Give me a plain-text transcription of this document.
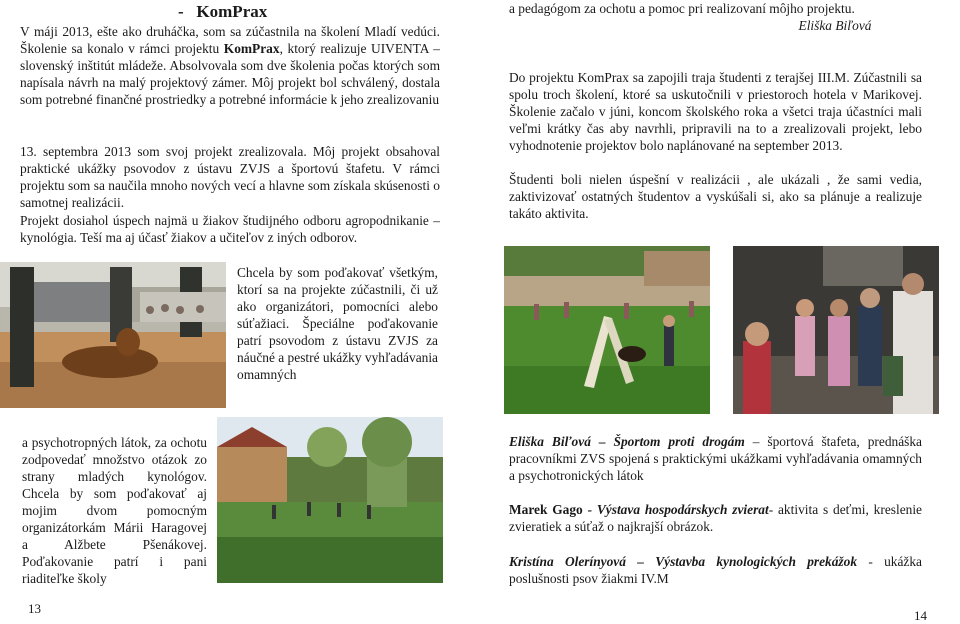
- KomPrax

V máji 2013, ešte ako druháčka, som sa zúčastnila na školení Mladí vedúci. Školenie sa konalo v rámci projektu KomPrax, ktorý realizuje UIVENTA – slovenský inštitút mládeže. Absolvovala som dve školenia počas ktorých som napísala návrh na malý projektový zámer. Môj projekt bol schválený, dostala som potrebné finančné prostriedky a potrebné informácie k jeho zrealizovaniu

13. septembra 2013 som svoj projekt zrealizovala. Môj projekt obsahoval praktické ukážky psovodov z ústavu ZVJS a športovú štafetu. V rámci projektu som sa naučila mnoho nových vecí a hlavne som získala skúsenosti o samotnej realizácii.

Projekt dosiahol úspech najmä u žiakov študijného odboru agropodnikanie – kynológia. Teší ma aj účasť žiakov a učiteľov z iných odborov.

Chcela by som poďakovať všetkým, ktorí sa na projekte zúčastnili, či už ako organizátori, pomocníci alebo súťažiaci. Špeciálne poďakovanie patrí psovodom z ústavu ZVJS za náučné a pestré ukážky vyhľadávania omamných

a psychotropných látok, za ochotu zodpovedať množstvo otázok zo strany mladých kynológov. Chcela by som poďakovať aj mojim dvom pomocným organizátorkám Márii Haragovej a Alžbete Pšenákovej. Poďakovanie patrí i pani riaditeľke školy

13

a pedagógom za ochotu a pomoc pri realizovaní môjho projektu.

Eliška Biľová

Do projektu KomPrax sa zapojili traja študenti z terajšej III.M. Zúčastnili sa spolu troch školení, ktoré sa uskutočnili v priestoroch hotela v Marikovej. Školenie začalo v júni, koncom školského roka a všetci traja účastníci mali veľmi krátky čas aby navrhli, pripravili na to a zrealizovali projekt, lebo vyhodnotenie projektov bolo naplánované na september 2013.

Študenti boli nielen úspešní v realizácii , ale ukázali , že sami vedia, zaktivizovať ostatných študentov a vyskúšali si, ako sa plánuje a realizuje takáto aktivita.

Eliška Biľová – Športom proti drogám – športová štafeta, prednáška pracovníkmi ZVS spojená s praktickými ukážkami vyhľadávania omamných a psychotronických látok

Marek Gago - Výstava hospodárskych zvierat- aktivita s deťmi, kreslenie zvieratiek a súťaž o najkrajší obrázok.

Kristína Olerínyová – Výstavba kynologických prekážok - ukážka poslušnosti psov žiakmi IV.M

14
